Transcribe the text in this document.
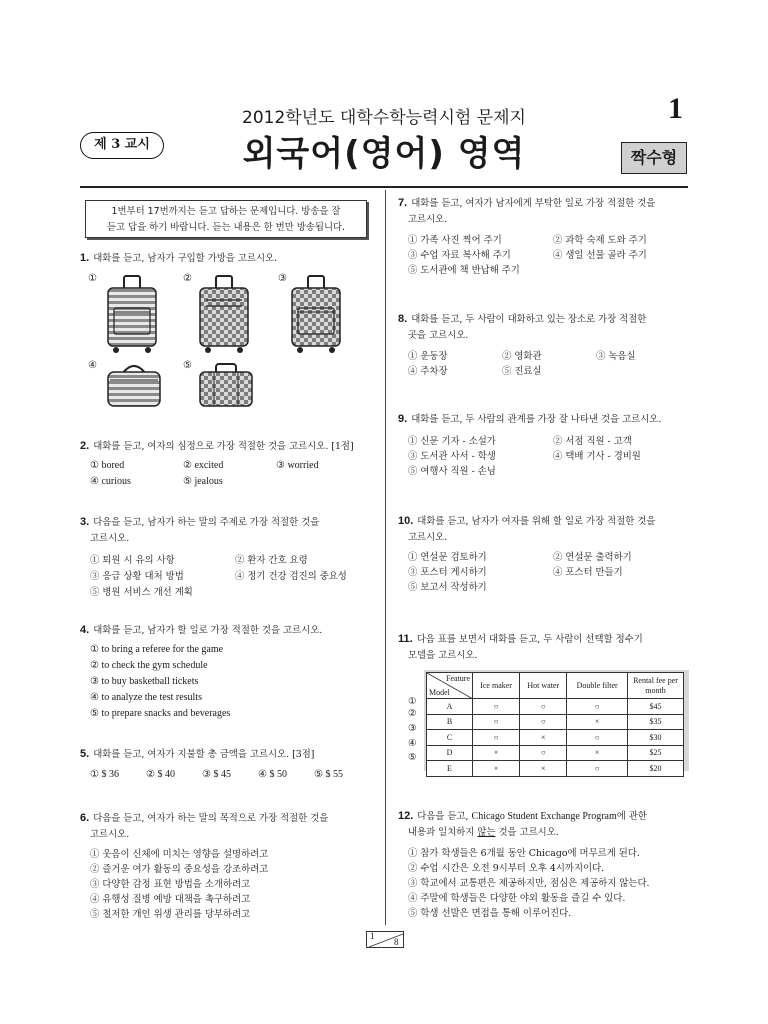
2012학년도 대학수학능력시험 문제지	1
제 3 교시	외국어(영어) 영역	짝수형
1번부터 17번까지는 듣고 답하는 문제입니다. 방송을 잘
듣고 답을 하기 바랍니다. 듣는 내용은 한 번만 방송됩니다.
1. 대화를 듣고, 남자가 구입할 가방을 고르시오.
①	②	③
④	⑤
2. 대화를 듣고, 여자의 심정으로 가장 적절한 것을 고르시오. [1점]
① bored	② excited	③ worried
④ curious	⑤ jealous
3. 다음을 듣고, 남자가 하는 말의 주제로 가장 적절한 것을
고르시오.
① 퇴원 시 유의 사항	② 환자 간호 요령
③ 응급 상황 대처 방법	④ 정기 건강 검진의 중요성
⑤ 병원 서비스 개선 계획
4. 대화를 듣고, 남자가 할 일로 가장 적절한 것을 고르시오.
① to bring a referee for the game
② to check the gym schedule
③ to buy basketball tickets
④ to analyze the test results
⑤ to prepare snacks and beverages
5. 대화를 듣고, 여자가 지불할 총 금액을 고르시오. [3점]
① $ 36	② $ 40	③ $ 45	④ $ 50	⑤ $ 55
6. 다음을 듣고, 여자가 하는 말의 목적으로 가장 적절한 것을
고르시오.
① 웃음이 신체에 미치는 영향을 설명하려고
② 즐거운 여가 활동의 중요성을 강조하려고
③ 다양한 감정 표현 방법을 소개하려고
④ 유행성 질병 예방 대책을 촉구하려고
⑤ 철저한 개인 위생 관리를 당부하려고
7. 대화를 듣고, 여자가 남자에게 부탁한 일로 가장 적절한 것을
고르시오.
① 가족 사진 찍어 주기	② 과학 숙제 도와 주기
③ 수업 자료 복사해 주기	④ 생일 선물 골라 주기
⑤ 도서관에 책 반납해 주기
8. 대화를 듣고, 두 사람이 대화하고 있는 장소로 가장 적절한
곳을 고르시오.
① 운동장	② 영화관	③ 녹음실
④ 주차장	⑤ 진료실
9. 대화를 듣고, 두 사람의 관계를 가장 잘 나타낸 것을 고르시오.
① 신문 기자 - 소설가	② 서점 직원 - 고객
③ 도서관 사서 - 학생	④ 택배 기사 - 경비원
⑤ 여행사 직원 - 손님
10. 대화를 듣고, 남자가 여자를 위해 할 일로 가장 적절한 것을
고르시오.
① 연설문 검토하기	② 연설문 출력하기
③ 포스터 게시하기	④ 포스터 만들기
⑤ 보고서 작성하기
11. 다음 표를 보면서 대화를 듣고, 두 사람이 선택할 정수기
모델을 고르시오.
①
②
③
④
⑤
Feature
Model	Ice maker	Hot water	Double filter	Rental fee per month
A	○	○	○	$45
B	○	○	×	$35
C	○	×	○	$30
D	×	○	×	$25
E	×	×	○	$20
12. 다음을 듣고, Chicago Student Exchange Program에 관한
내용과 일치하지 않는 것을 고르시오.
① 참가 학생들은 6개월 동안 Chicago에 머무르게 된다.
② 수업 시간은 오전 9시부터 오후 4시까지이다.
③ 학교에서 교통편은 제공하지만, 점심은 제공하지 않는다.
④ 주말에 학생들은 다양한 야외 활동을 즐길 수 있다.
⑤ 학생 선발은 면접을 통해 이루어진다.
1
8
